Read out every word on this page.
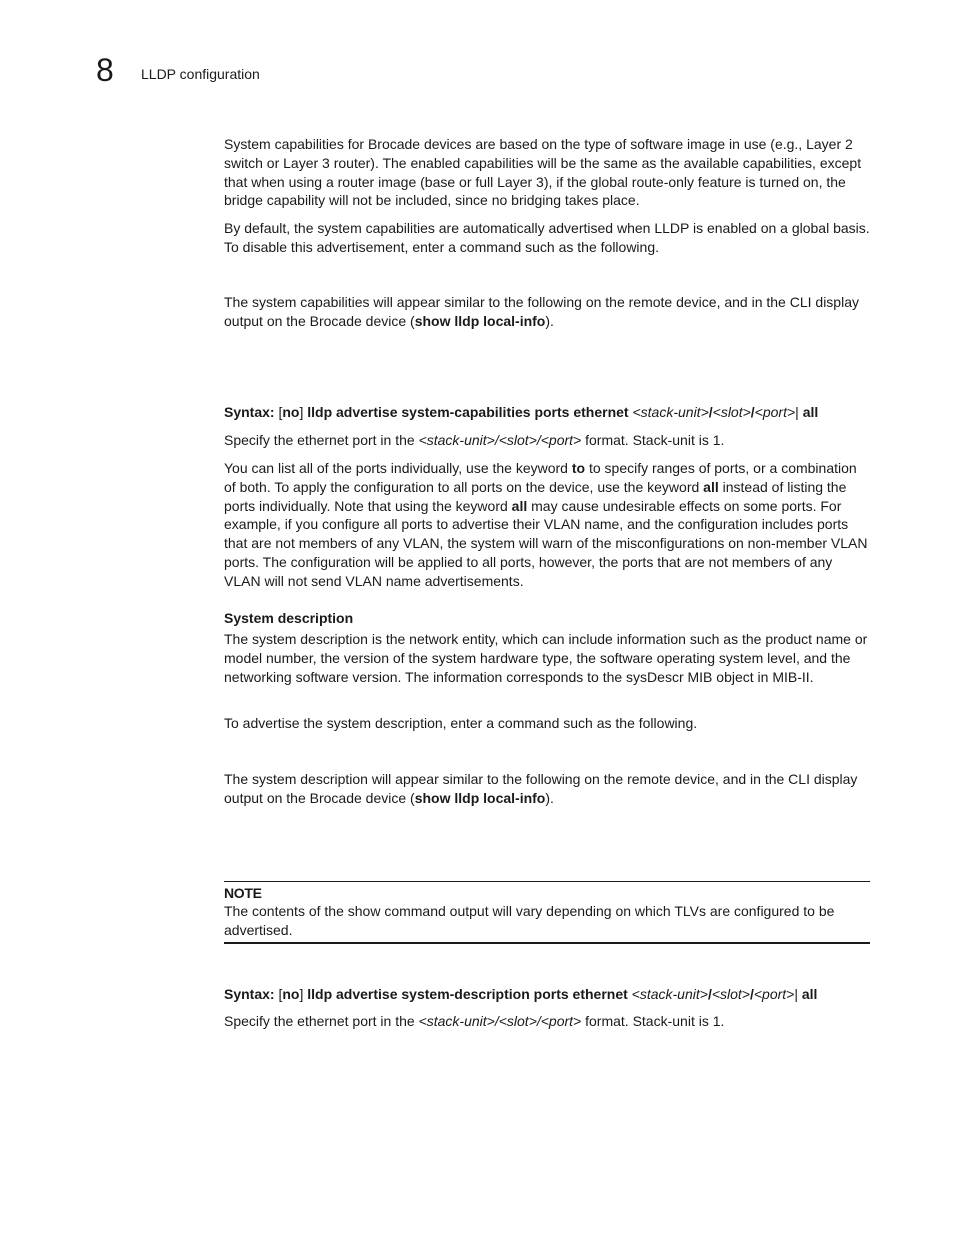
8 LLDP configuration

System capabilities for Brocade devices are based on the type of software image in use (e.g., Layer 2 switch or Layer 3 router). The enabled capabilities will be the same as the available capabilities, except that when using a router image (base or full Layer 3), if the global route-only feature is turned on, the bridge capability will not be included, since no bridging takes place.

By default, the system capabilities are automatically advertised when LLDP is enabled on a global basis. To disable this advertisement, enter a command such as the following.

The system capabilities will appear similar to the following on the remote device, and in the CLI display output on the Brocade device (show lldp local-info).

Syntax: [no] lldp advertise system-capabilities ports ethernet <stack-unit>/<slot>/<port>| all

Specify the ethernet port in the <stack-unit>/<slot>/<port> format. Stack-unit is 1.

You can list all of the ports individually, use the keyword to to specify ranges of ports, or a combination of both. To apply the configuration to all ports on the device, use the keyword all instead of listing the ports individually. Note that using the keyword all may cause undesirable effects on some ports. For example, if you configure all ports to advertise their VLAN name, and the configuration includes ports that are not members of any VLAN, the system will warn of the misconfigurations on non-member VLAN ports. The configuration will be applied to all ports, however, the ports that are not members of any VLAN will not send VLAN name advertisements.

System description

The system description is the network entity, which can include information such as the product name or model number, the version of the system hardware type, the software operating system level, and the networking software version. The information corresponds to the sysDescr MIB object in MIB-II.

To advertise the system description, enter a command such as the following.

The system description will appear similar to the following on the remote device, and in the CLI display output on the Brocade device (show lldp local-info).

NOTE

The contents of the show command output will vary depending on which TLVs are configured to be advertised.

Syntax: [no] lldp advertise system-description ports ethernet <stack-unit>/<slot>/<port>| all

Specify the ethernet port in the <stack-unit>/<slot>/<port> format. Stack-unit is 1.
